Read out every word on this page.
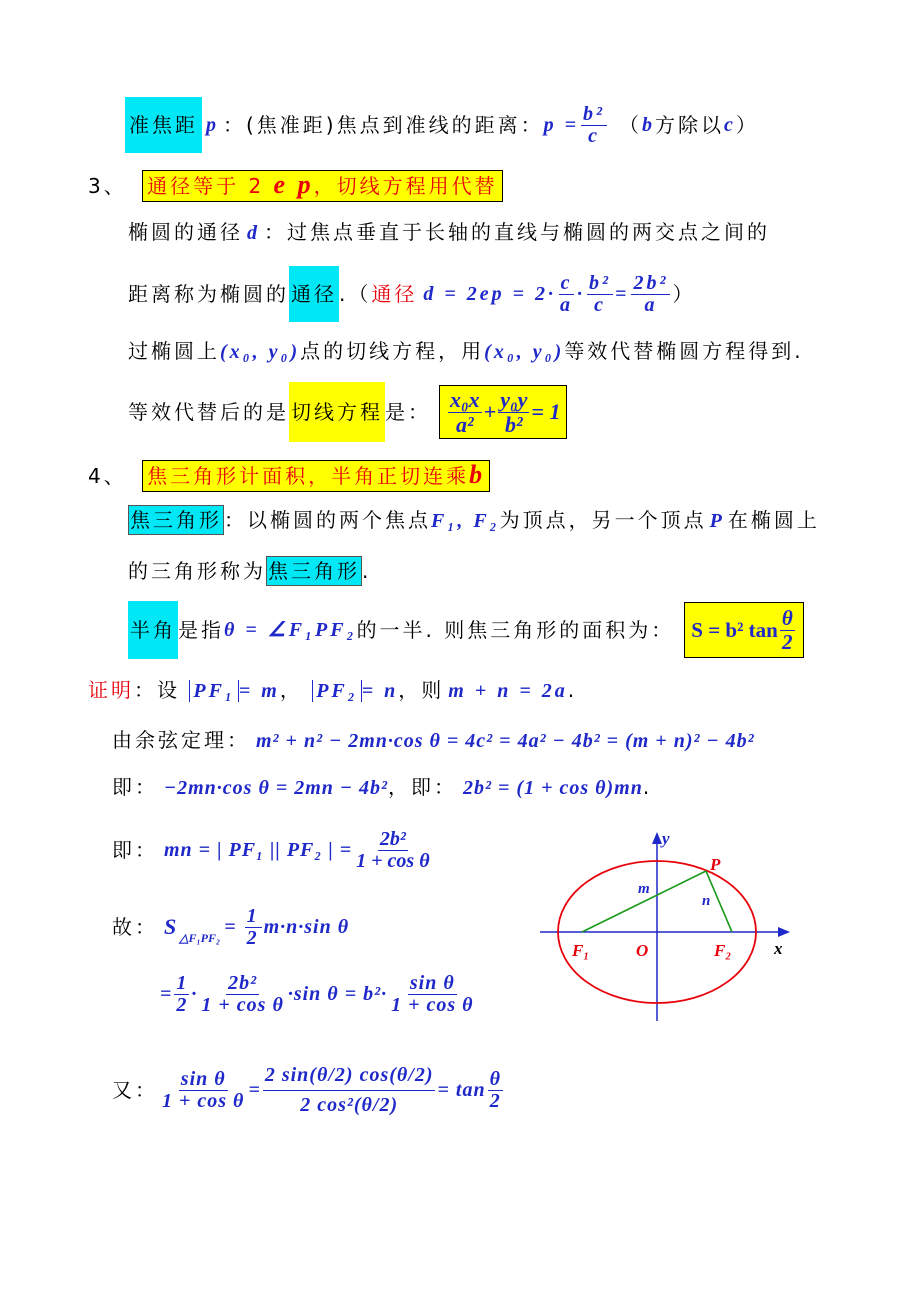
准焦距 p ：(焦准距)焦点到准线的距离： $p = \frac{\text{b²}}{c}$ （ b 方除以 c ）
3、 通径等于 2 e p，切线方程用代替
椭圆的通径 d ：过焦点垂直于长轴的直线与椭圆的两交点之间的
距离称为椭圆的 通径 .（ 通径 $d = 2ep = 2\cdot \frac{c}{a} \cdot \frac{\text{b²}}{c} = \frac{\text{2b²}}{a}$ ）
过椭圆上(x₀, y₀)点的切线方程，用(x₀, y₀)等效代替椭圆方程得到.
等效代替后的是 切线方程 是： $\frac{\text{x₀x}}{\text{a²}} + \frac{\text{y₀y}}{\text{b²}} = 1$
4、 焦三角形计面积，半角正切连乘b
焦三角形 ：以椭圆的两个焦点F₁, F₂为顶点，另一个顶点 P 在椭圆上
的三角形称为 焦三角形 .
半角 是指 θ = ∠F₁PF₂ 的一半. 则焦三角形的面积为： S = b² $\tan \frac{\theta}{2}$
证明：设 PF₁ = m， PF₂ = n，则 m + n = 2a.
由余弦定理： m² + n² − 2mn·cos θ = 4c² = 4a² − 4b² = (m + n)² − 4b²
即： −2mn·cos θ = 2mn − 4b²，即： 2b² = (1 + cos θ)mn.
即： mn = | PF₁ || PF₂ | = $\frac{\text{2b²}}{\text{1 + cos θ}}$
故： S △F₁PF₂ = $\frac{1}{2} m\cdot n\cdot\sin$ θ
= $\frac{1}{2} \cdot \frac{\text{2b²}}{\text{1 + cos θ}} \cdot\sin$ $\theta = b^2\cdot \frac{\text{sin θ}}{\text{1 + cos θ}}$
又： $\frac{\text{sin θ}}{\text{1 + cos θ}} = \frac{2 \sin(\theta/2) \cos(\theta/2)}{\text{2 cos²(θ/2)}} = \tan \frac{\theta}{2}$
y
x
P
m
n
F₁	O	F₂
